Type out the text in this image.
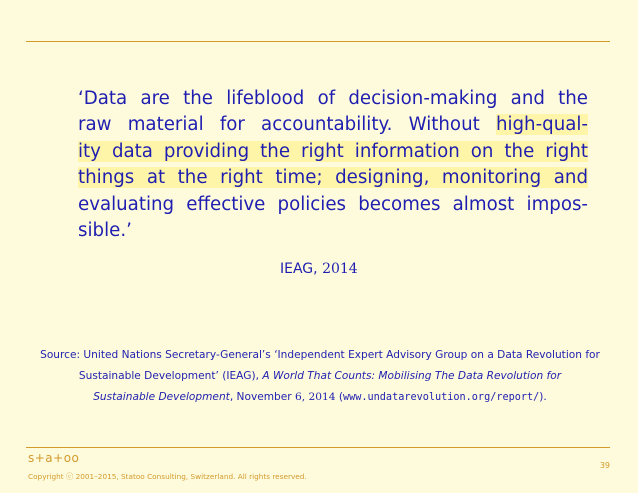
‘Data are the lifeblood of decision-making and the
raw material for accountability. Without high-qual-
ity data providing the right information on the right
things at the right time; designing, monitoring and
evaluating effective policies becomes almost impos-
sible.’
IEAG, 2014
Source: United Nations Secretary-General’s ‘Independent Expert Advisory Group on a Data Revolution for
Sustainable Development’ (IEAG), A World That Counts: Mobilising The Data Revolution for
Sustainable Development, November 6, 2014 (www.undatarevolution.org/report/).
s+a+oo
Copyright ⓒ 2001–2015, Statoo Consulting, Switzerland. All rights reserved.
39
